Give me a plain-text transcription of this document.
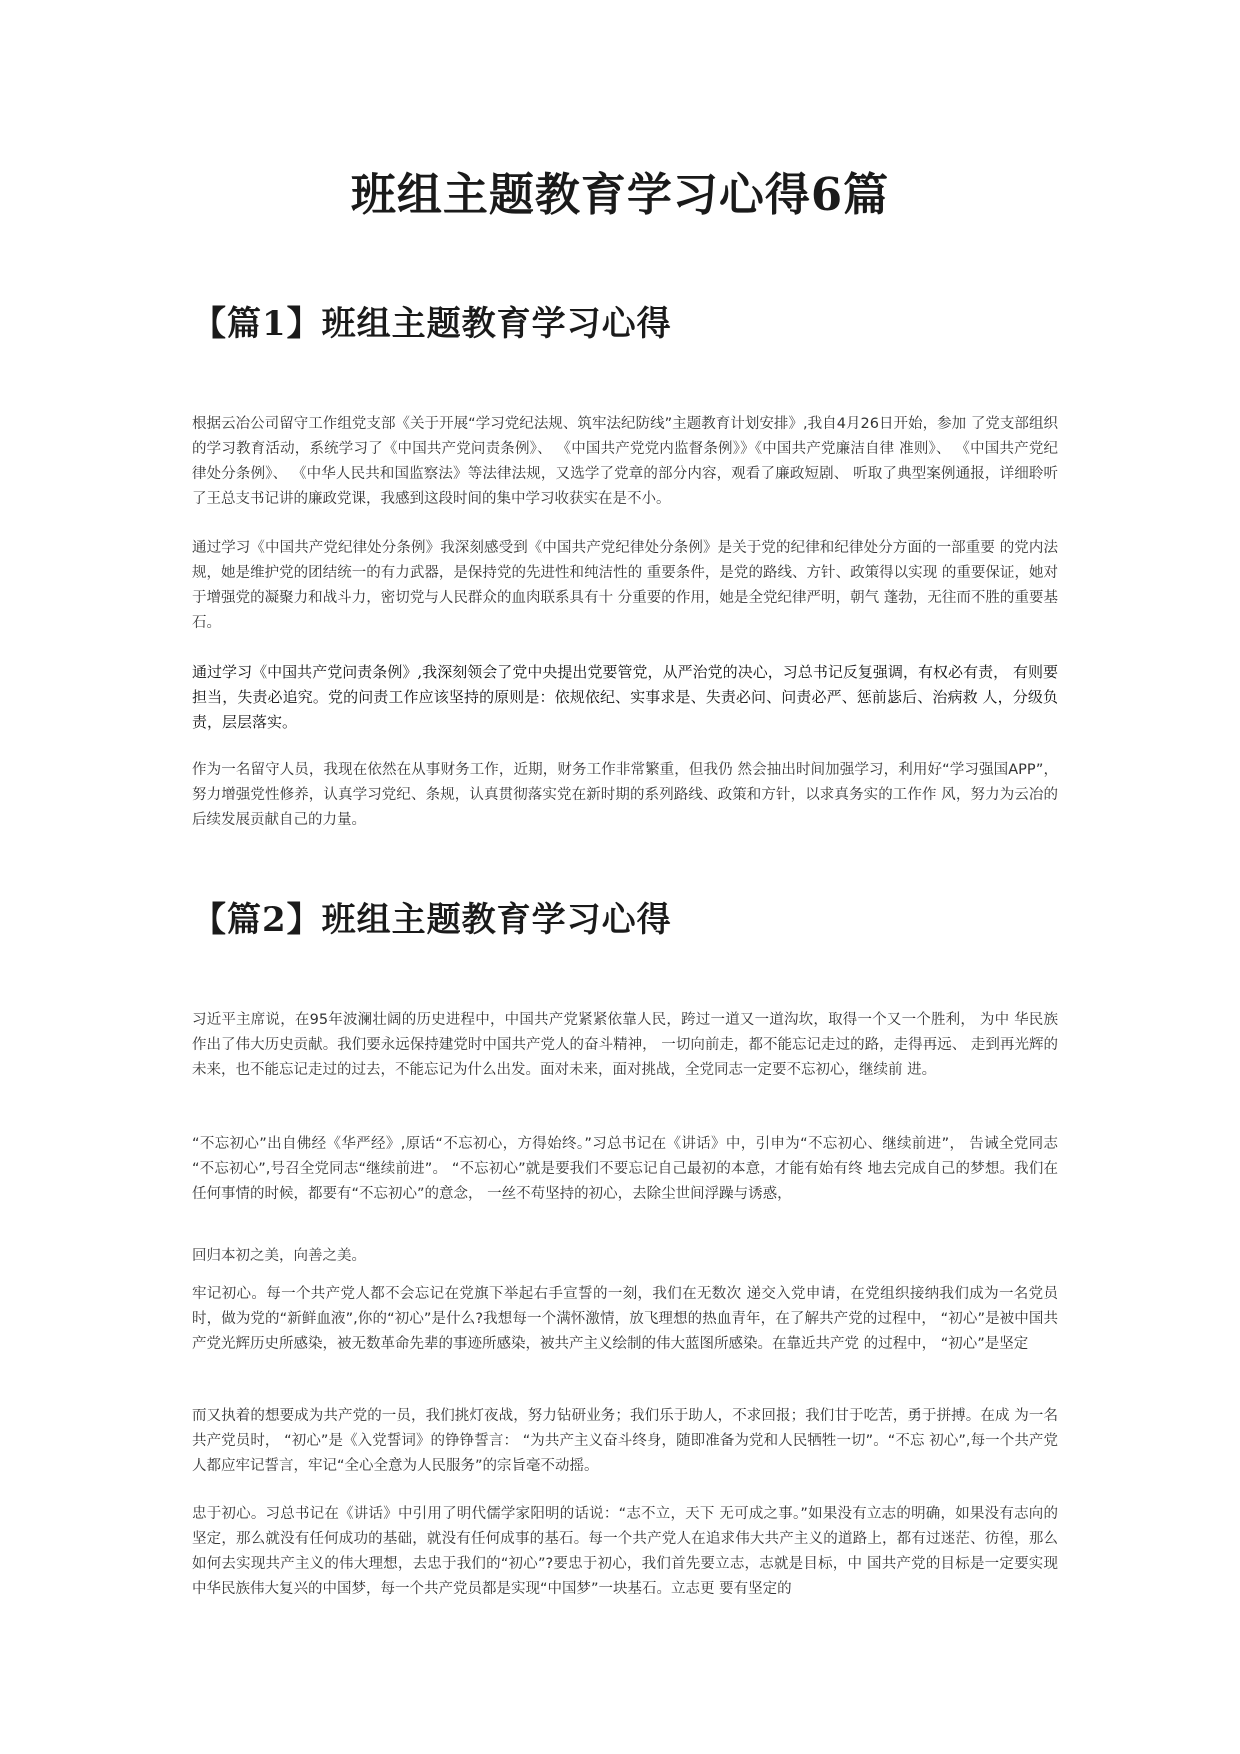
班组主题教育学习心得6篇
【篇1】班组主题教育学习心得

根据云冶公司留守工作组党支部《关于开展“学习党纪法规、筑牢法纪防线”主题教育计划安排》,我自4月26日开始，参加 了党支部组织的学习教育活动，系统学习了《中国共产党问责条例》、 《中国共产党党内监督条例》》《中国共产党廉洁自律 准则》、 《中国共产党纪律处分条例》、 《中华人民共和国监察法》等法律法规，又选学了党章的部分内容，观看了廉政短剧、 听取了典型案例通报，详细聆听了王总支书记讲的廉政党课，我感到这段时间的集中学习收获实在是不小。

通过学习《中国共产党纪律处分条例》我深刻感受到《中国共产党纪律处分条例》是关于党的纪律和纪律处分方面的一部重要 的党内法规，她是维护党的团结统一的有力武器，是保持党的先进性和纯洁性的 重要条件，是党的路线、方针、政策得以实现 的重要保证，她对于增强党的凝聚力和战斗力，密切党与人民群众的血肉联系具有十 分重要的作用，她是全党纪律严明，朝气 蓬勃，无往而不胜的重要基石。

通过学习《中国共产党问责条例》,我深刻领会了党中央提出党要管党，从严治党的决心，习总书记反复强调，有权必有责， 有则要担当，失责必追究。党的问责工作应该坚持的原则是：依规依纪、实事求是、失责必问、问责必严、惩前毖后、治病救 人，分级负责，层层落实。

作为一名留守人员，我现在依然在从事财务工作，近期，财务工作非常繁重，但我仍 然会抽出时间加强学习，利用好“学习强国APP”， 努力增强党性修养，认真学习党纪、条规，认真贯彻落实党在新时期的系列路线、政策和方针，以求真务实的工作作 风，努力为云冶的后续发展贡献自己的力量。

【篇2】班组主题教育学习心得

习近平主席说，在95年波澜壮阔的历史进程中，中国共产党紧紧依靠人民，跨过一道又一道沟坎，取得一个又一个胜利， 为中 华民族作出了伟大历史贡献。我们要永远保持建党时中国共产党人的奋斗精神， 一切向前走，都不能忘记走过的路，走得再远、 走到再光辉的未来，也不能忘记走过的过去，不能忘记为什么出发。面对未来，面对挑战，全党同志一定要不忘初心，继续前 进。

“不忘初心”出自佛经《华严经》,原话“不忘初心，方得始终。”习总书记在《讲话》中，引申为“不忘初心、继续前进”， 告诫全党同志 “不忘初心”,号召全党同志“继续前进”。 “不忘初心”就是要我们不要忘记自己最初的本意，才能有始有终 地去完成自己的梦想。我们在任何事情的时候，都要有“不忘初心”的意念， 一丝不苟坚持的初心，去除尘世间浮躁与诱惑，

回归本初之美，向善之美。

牢记初心。每一个共产党人都不会忘记在党旗下举起右手宣誓的一刻，我们在无数次 递交入党申请，在党组织接纳我们成为一名党员时，做为党的“新鲜血液”,你的“初心”是什么?我想每一个满怀激情，放飞理想的热血青年，在了解共产党的过程中， “初心”是被中国共产党光辉历史所感染，被无数革命先辈的事迹所感染，被共产主义绘制的伟大蓝图所感染。在靠近共产党 的过程中， “初心”是坚定

而又执着的想要成为共产党的一员，我们挑灯夜战，努力钻研业务；我们乐于助人，不求回报；我们甘于吃苦，勇于拼搏。在成 为一名共产党员时， “初心”是《入党誓词》的铮铮誓言： “为共产主义奋斗终身，随即准备为党和人民牺牲一切”。“不忘 初心”,每一个共产党人都应牢记誓言，牢记“全心全意为人民服务”的宗旨毫不动摇。

忠于初心。习总书记在《讲话》中引用了明代儒学家阳明的话说：“志不立，天下 无可成之事。”如果没有立志的明确，如果没有志向的坚定，那么就没有任何成功的基础，就没有任何成事的基石。每一个共产党人在追求伟大共产主义的道路上，都有过迷茫、彷徨，那么如何去实现共产主义的伟大理想，去忠于我们的“初心”?要忠于初心，我们首先要立志，志就是目标，中 国共产党的目标是一定要实现中华民族伟大复兴的中国梦，每一个共产党员都是实现“中国梦”一块基石。立志更 要有坚定的
